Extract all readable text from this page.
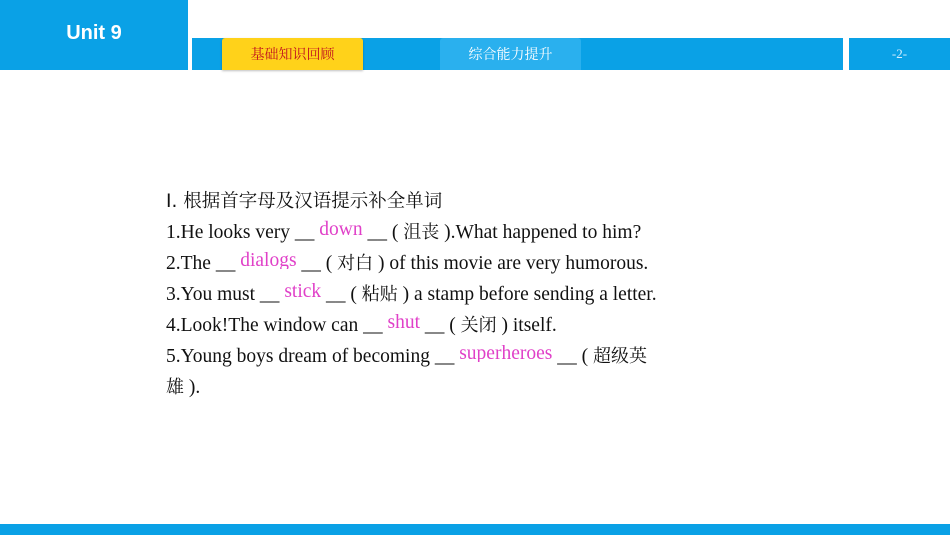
Unit 9
基础知识回顾	综合能力提升	-2-
Ⅰ. 根据首字母及汉语提示补全单词
1.He looks very __ down __ ( 沮丧 ).What happened to him?
2.The __ dialogs __ ( 对白 ) of this movie are very humorous.
3.You must __ stick __ ( 粘贴 ) a stamp before sending a letter.
4.Look!The window can __ shut __ ( 关闭 ) itself.
5.Young boys dream of becoming __ superheroes __ ( 超级英
雄 ).
